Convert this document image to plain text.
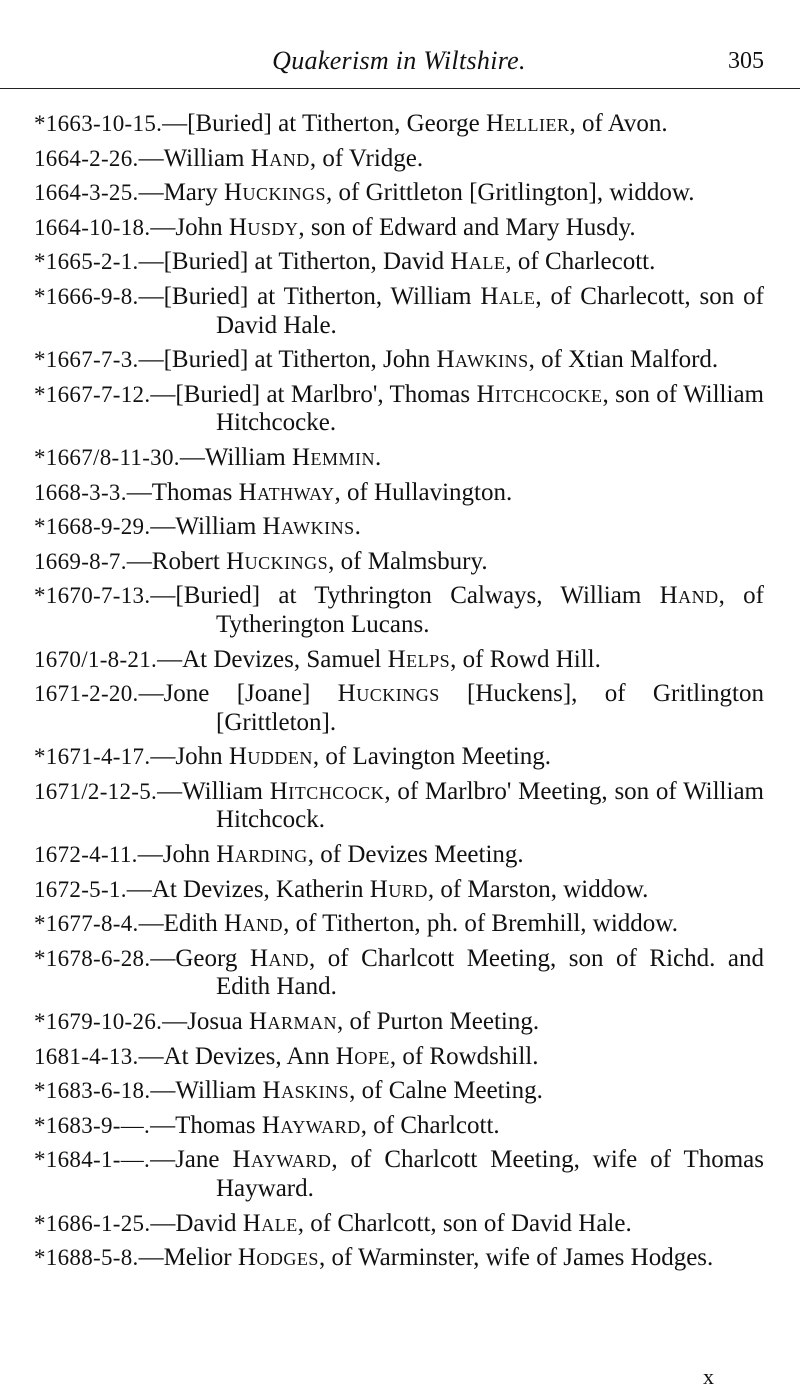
Quakerism in Wiltshire.	305
*1663-10-15.—[Buried] at Titherton, George Hellier, of Avon.
1664-2-26.—William Hand, of Vridge.
1664-3-25.—Mary Huckings, of Grittleton [Gritlington], widdow.
1664-10-18.—John Husdy, son of Edward and Mary Husdy.
*1665-2-1.—[Buried] at Titherton, David Hale, of Charlecott.
*1666-9-8.—[Buried] at Titherton, William Hale, of Charlecott, son of David Hale.
*1667-7-3.—[Buried] at Titherton, John Hawkins, of Xtian Malford.
*1667-7-12.—[Buried] at Marlbro', Thomas Hitchcocke, son of William Hitchcocke.
*1667/8-11-30.—William Hemmin.
1668-3-3.—Thomas Hathway, of Hullavington.
*1668-9-29.—William Hawkins.
1669-8-7.—Robert Huckings, of Malmsbury.
*1670-7-13.—[Buried] at Tythrington Calways, William Hand, of Tytherington Lucans.
1670/1-8-21.—At Devizes, Samuel Helps, of Rowd Hill.
1671-2-20.—Jone [Joane] Huckings [Huckens], of Gritlington [Grittleton].
*1671-4-17.—John Hudden, of Lavington Meeting.
1671/2-12-5.—William Hitchcock, of Marlbro' Meeting, son of William Hitchcock.
1672-4-11.—John Harding, of Devizes Meeting.
1672-5-1.—At Devizes, Katherin Hurd, of Marston, widdow.
*1677-8-4.—Edith Hand, of Titherton, ph. of Bremhill, widdow.
*1678-6-28.—Georg Hand, of Charlcott Meeting, son of Richd. and Edith Hand.
*1679-10-26.—Josua Harman, of Purton Meeting.
1681-4-13.—At Devizes, Ann Hope, of Rowdshill.
*1683-6-18.—William Haskins, of Calne Meeting.
*1683-9-—.—Thomas Hayward, of Charlcott.
*1684-1-—.—Jane Hayward, of Charlcott Meeting, wife of Thomas Hayward.
*1686-1-25.—David Hale, of Charlcott, son of David Hale.
*1688-5-8.—Melior Hodges, of Warminster, wife of James Hodges.
x
